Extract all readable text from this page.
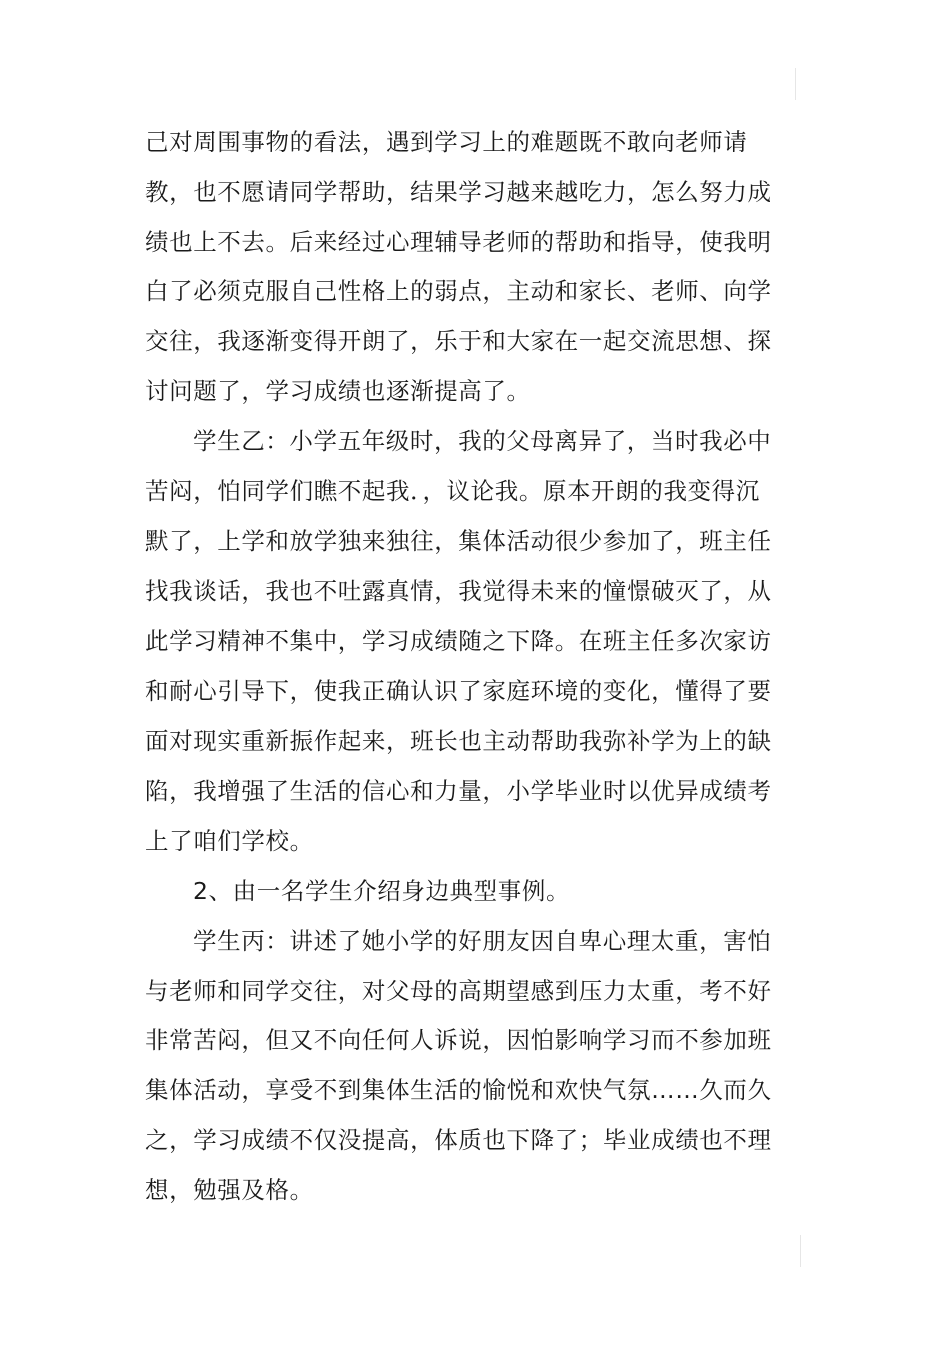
己对周围事物的看法，遇到学习上的难题既不敢向老师请
教，也不愿请同学帮助，结果学习越来越吃力，怎么努力成
绩也上不去。后来经过心理辅导老师的帮助和指导，使我明
白了必须克服自己性格上的弱点，主动和家长、老师、向学
交往，我逐渐变得开朗了，乐于和大家在一起交流思想、探
讨问题了，学习成绩也逐渐提高了。
学生乙：小学五年级时，我的父母离异了，当时我必中
苦闷，怕同学们瞧不起我．，议论我。原本开朗的我变得沉
默了，上学和放学独来独往，集体活动很少参加了，班主任
找我谈话，我也不吐露真情，我觉得未来的憧憬破灭了，从
此学习精神不集中，学习成绩随之下降。在班主任多次家访
和耐心引导下，使我正确认识了家庭环境的变化，懂得了要
面对现实重新振作起来，班长也主动帮助我弥补学为上的缺
陷，我增强了生活的信心和力量，小学毕业时以优异成绩考
上了咱们学校。
2、由一名学生介绍身边典型事例。
学生丙：讲述了她小学的好朋友因自卑心理太重，害怕
与老师和同学交往，对父母的高期望感到压力太重，考不好
非常苦闷，但又不向任何人诉说，因怕影响学习而不参加班
集体活动，享受不到集体生活的愉悦和欢快气氛……久而久
之，学习成绩不仅没提高，体质也下降了；毕业成绩也不理
想，勉强及格。
